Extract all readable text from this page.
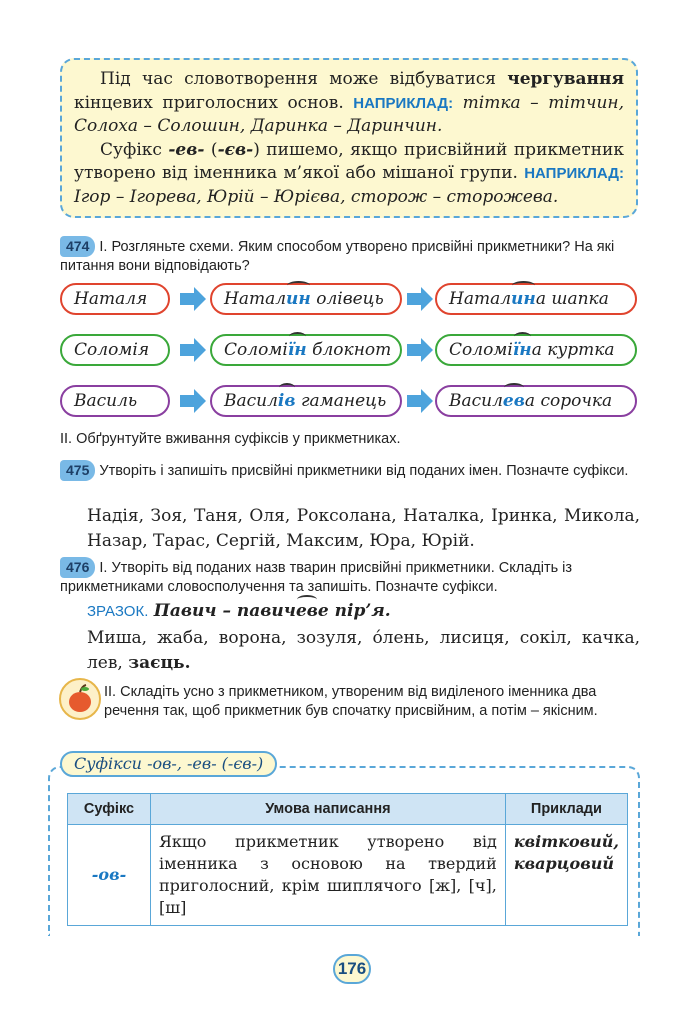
Під час словотворення може відбуватися чергування кінцевих приголосних основ. НАПРИКЛАД: тітка – тітчин, Солоха – Солошин, Даринка – Даринчин.

Суфікс -ев- (-єв-) пишемо, якщо присвійний прикметник утворено від іменника м’якої або мішаної групи. НАПРИКЛАД: Ігор – Ігорева, Юрій – Юрієва, сторож – сторожева.

474 І. Розгляньте схеми. Яким способом утворено присвійні прикметники? На які питання вони відповідають?
Наталя	Наталин олівець	Наталина шапка
Соломія	Соломіїн блокнот	Соломіїна куртка
Василь	Василів гаманець	Василева сорочка
ІІ. Обґрунтуйте вживання суфіксів у прикметниках.
475 Утворіть і запишіть присвійні прикметники від поданих імен. Позначте суфікси.
Надія, Зоя, Таня, Оля, Роксолана, Наталка, Іринка, Микола, Назар, Тарас, Сергій, Максим, Юра, Юрій.
476 І. Утворіть від поданих назв тварин присвійні прикметники. Складіть із прикметниками словосполучення та запишіть. Позначте суфікси.
ЗРАЗОК. Павич – павичеве пір’я.
Миша, жаба, ворона, зозуля, о́лень, лисиця, сокіл, качка, лев, заєць.
ІІ. Складіть усно з прикметником, утвореним від виділеного іменника два речення так, щоб прикметник був спочатку присвійним, а потім – якісним.
Суфікси -ов-, -ев- (-єв-)
Суфікс	Умова написання	Приклади
-ов-	Якщо прикметник утворено від іменника з основою на твердий приголосний, крім шиплячого [ж], [ч], [ш]	квітковий, кварцовий
176
